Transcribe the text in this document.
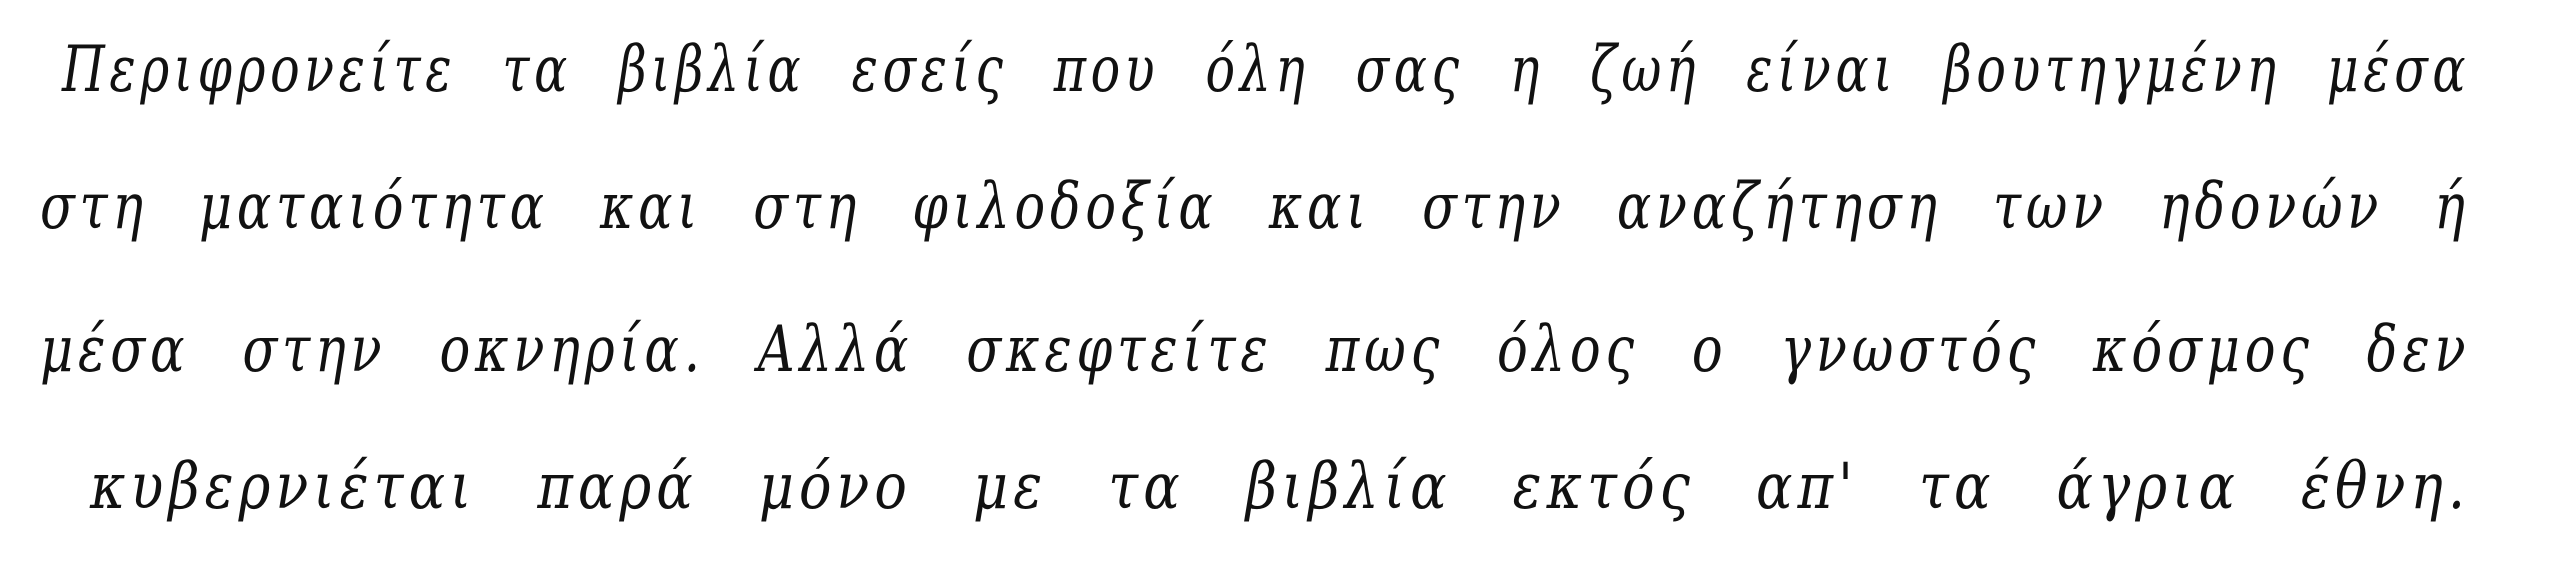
Περιφρονείτε τα βιβλία εσείς που όλη σας η ζωή είναι βουτηγμένη μέσα
στη ματαιότητα και στη φιλοδοξία και στην αναζήτηση των ηδονών ή
μέσα στην οκνηρία. Αλλά σκεφτείτε πως όλος ο γνωστός κόσμος δεν
κυβερνιέται παρά μόνο με τα βιβλία εκτός απ' τα άγρια έθνη.
